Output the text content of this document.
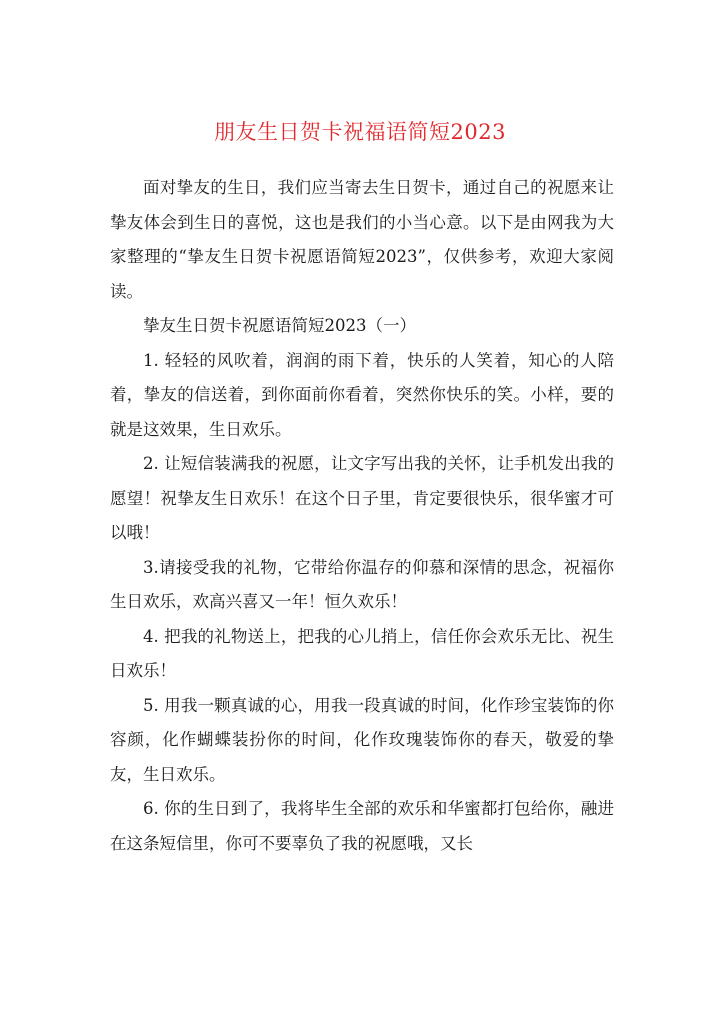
朋友生日贺卡祝福语简短2023

面对挚友的生日，我们应当寄去生日贺卡，通过自己的祝愿来让挚友体会到生日的喜悦，这也是我们的小当心意。以下是由网我为大家整理的“挚友生日贺卡祝愿语简短2023”，仅供参考，欢迎大家阅读。

挚友生日贺卡祝愿语简短2023（一）

1. 轻轻的风吹着，润润的雨下着，快乐的人笑着，知心的人陪着，挚友的信送着，到你面前你看着，突然你快乐的笑。小样，要的就是这效果，生日欢乐。

2. 让短信装满我的祝愿，让文字写出我的关怀，让手机发出我的愿望！祝挚友生日欢乐！在这个日子里，肯定要很快乐，很华蜜才可以哦！

3.请接受我的礼物，它带给你温存的仰慕和深情的思念，祝福你生日欢乐，欢高兴喜又一年！恒久欢乐！

4. 把我的礼物送上，把我的心儿捎上，信任你会欢乐无比、祝生日欢乐！

5. 用我一颗真诚的心，用我一段真诚的时间，化作珍宝装饰的你容颜，化作蝴蝶装扮你的时间，化作玫瑰装饰你的春天，敬爱的挚友，生日欢乐。

6. 你的生日到了，我将毕生全部的欢乐和华蜜都打包给你，融进在这条短信里，你可不要辜负了我的祝愿哦，又长
